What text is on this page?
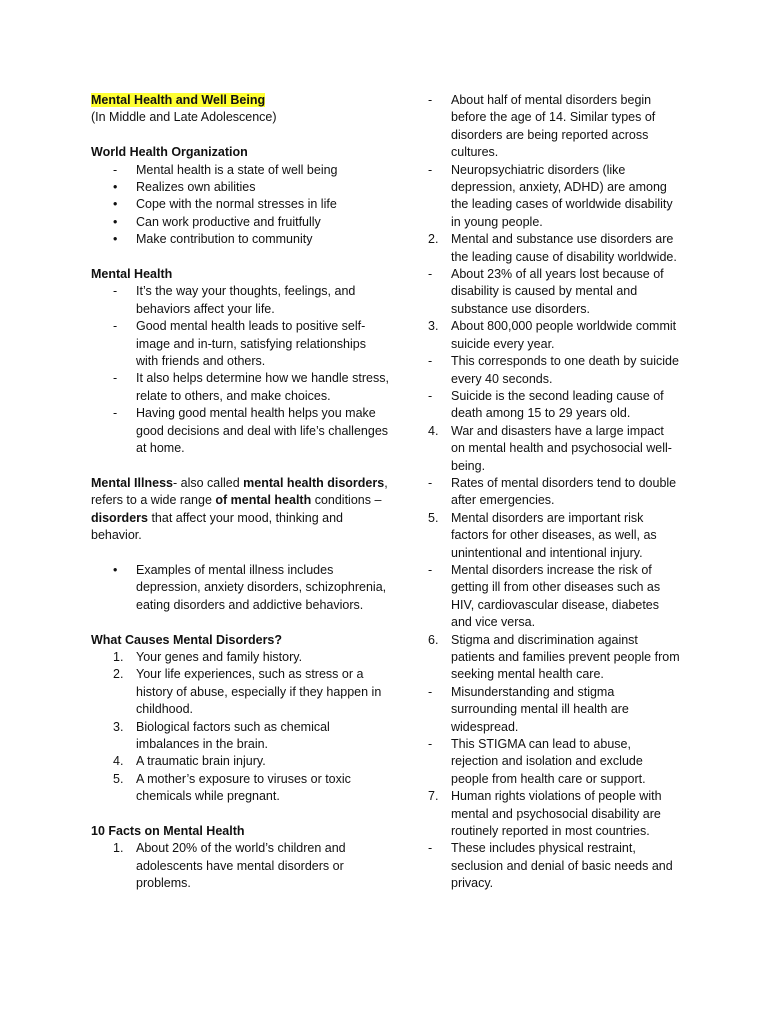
Mental Health and Well Being
(In Middle and Late Adolescence)
World Health Organization
-	Mental health is a state of well being
•	Realizes own abilities
•	Cope with the normal stresses in life
•	Can work productive and fruitfully
•	Make contribution to community
Mental Health
-	It’s the way your thoughts, feelings, and behaviors affect your life.
-	Good mental health leads to positive self-image and in-turn, satisfying relationships with friends and others.
-	It also helps determine how we handle stress, relate to others, and make choices.
-	Having good mental health helps you make good decisions and deal with life’s challenges at home.
Mental Illness- also called mental health disorders, refers to a wide range of mental health conditions – disorders that affect your mood, thinking and behavior.
•	Examples of mental illness includes depression, anxiety disorders, schizophrenia, eating disorders and addictive behaviors.
What Causes Mental Disorders?
1.	Your genes and family history.
2.	Your life experiences, such as stress or a history of abuse, especially if they happen in childhood.
3.	Biological factors such as chemical imbalances in the brain.
4.	A traumatic brain injury.
5.	A mother’s exposure to viruses or toxic chemicals while pregnant.
10 Facts on Mental Health
1.	About 20% of the world’s children and adolescents have mental disorders or problems.
-	About half of mental disorders begin before the age of 14. Similar types of disorders are being reported across cultures.
-	Neuropsychiatric disorders (like depression, anxiety, ADHD) are among the leading cases of worldwide disability in young people.
2.	Mental and substance use disorders are the leading cause of disability worldwide.
-	About 23% of all years lost because of disability is caused by mental and substance use disorders.
3.	About 800,000 people worldwide commit suicide every year.
-	This corresponds to one death by suicide every 40 seconds.
-	Suicide is the second leading cause of death among 15 to 29 years old.
4.	War and disasters have a large impact on mental health and psychosocial well-being.
-	Rates of mental disorders tend to double after emergencies.
5.	Mental disorders are important risk factors for other diseases, as well, as unintentional and intentional injury.
-	Mental disorders increase the risk of getting ill from other diseases such as HIV, cardiovascular disease, diabetes and vice versa.
6.	Stigma and discrimination against patients and families prevent people from seeking mental health care.
-	Misunderstanding and stigma surrounding mental ill health are widespread.
-	This STIGMA can lead to abuse, rejection and isolation and exclude people from health care or support.
7.	Human rights violations of people with mental and psychosocial disability are routinely reported in most countries.
-	These includes physical restraint, seclusion and denial of basic needs and privacy.
